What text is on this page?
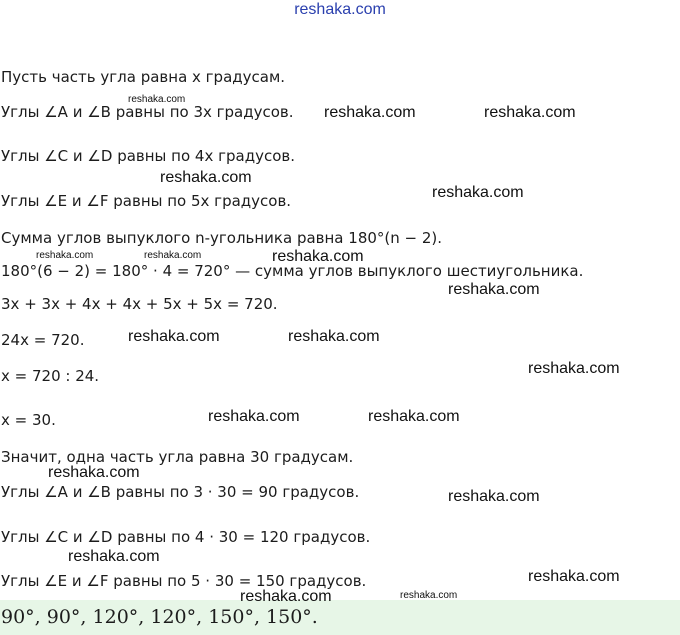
reshaka.com
Пусть часть угла равна x градусам.
Углы ∠A и ∠B равны по 3x градусов.
Углы ∠C и ∠D равны по 4x градусов.
Углы ∠E и ∠F равны по 5x градусов.
Сумма углов выпуклого n-угольника равна 180°(n − 2).
180°(6 − 2) = 180° · 4 = 720° — сумма углов выпуклого шестиугольника.
3x + 3x + 4x + 4x + 5x + 5x = 720.
24x = 720.
x = 720 : 24.
x = 30.
Значит, одна часть угла равна 30 градусам.
Углы ∠A и ∠B равны по 3 · 30 = 90 градусов.
Углы ∠C и ∠D равны по 4 · 30 = 120 градусов.
Углы ∠E и ∠F равны по 5 · 30 = 150 градусов.
90°, 90°, 120°, 120°, 150°, 150°.
reshaka.com
reshaka.com	reshaka.com
reshaka.com
reshaka.com
reshaka.com	reshaka.com	reshaka.com
reshaka.com
reshaka.com	reshaka.com
reshaka.com
reshaka.com	reshaka.com
reshaka.com
reshaka.com
reshaka.com
reshaka.com
reshaka.com	reshaka.com
reshaka.com
reshaka.com
reshaka.com
